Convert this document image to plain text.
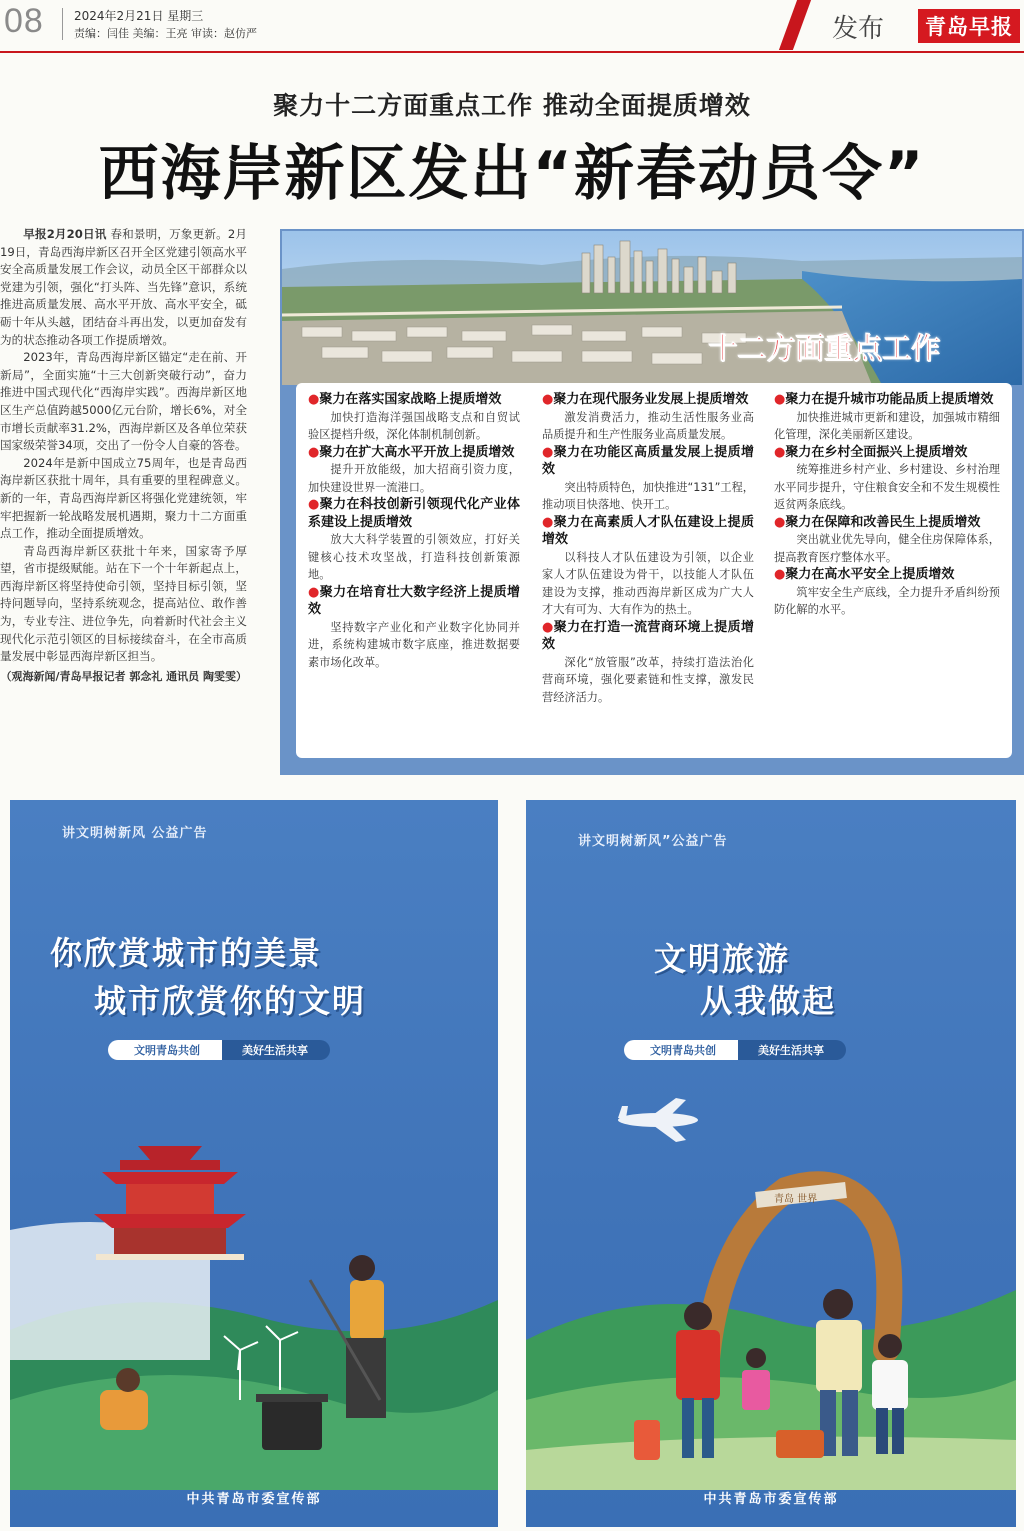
08	2024年2月21日 星期三
责编：闫佳 美编：王亮 审读：赵仿严	发布	青岛早报
聚力十二方面重点工作 推动全面提质增效
西海岸新区发出“新春动员令”

早报2月20日讯 春和景明，万象更新。2月19日，青岛西海岸新区召开全区党建引领高水平安全高质量发展工作会议，动员全区干部群众以党建为引领，强化“打头阵、当先锋”意识，系统推进高质量发展、高水平开放、高水平安全，砥砺十年从头越，团结奋斗再出发，以更加奋发有为的状态推动各项工作提质增效。

2023年，青岛西海岸新区锚定“走在前、开新局”，全面实施“十三大创新突破行动”，奋力推进中国式现代化“西海岸实践”。西海岸新区地区生产总值跨越5000亿元台阶，增长6%，对全市增长贡献率31.2%，西海岸新区及各单位荣获国家级荣誉34项，交出了一份令人自豪的答卷。

2024年是新中国成立75周年，也是青岛西海岸新区获批十周年，具有重要的里程碑意义。新的一年，青岛西海岸新区将强化党建统领，牢牢把握新一轮战略发展机遇期，聚力十二方面重点工作，推动全面提质增效。

青岛西海岸新区获批十年来，国家寄予厚望，省市提级赋能。站在下一个十年新起点上，西海岸新区将坚持使命引领，坚持目标引领，坚持问题导向，坚持系统观念，提高站位、敢作善为，专业专注、进位争先，向着新时代社会主义现代化示范引领区的目标接续奋斗，在全市高质量发展中彰显西海岸新区担当。

（观海新闻/青岛早报记者 郭念礼 通讯员 陶雯雯）
十二方面重点工作
●聚力在落实国家战略上提质增效

加快打造海洋强国战略支点和自贸试验区提档升级，深化体制机制创新。

●聚力在扩大高水平开放上提质增效

提升开放能级，加大招商引资力度，加快建设世界一流港口。

●聚力在科技创新引领现代化产业体系建设上提质增效

放大大科学装置的引领效应，打好关键核心技术攻坚战，打造科技创新策源地。

●聚力在培育壮大数字经济上提质增效

坚持数字产业化和产业数字化协同并进，系统构建城市数字底座，推进数据要素市场化改革。

●聚力在现代服务业发展上提质增效

激发消费活力，推动生活性服务业高品质提升和生产性服务业高质量发展。

●聚力在功能区高质量发展上提质增效

突出特质特色，加快推进“131”工程，推动项目快落地、快开工。

●聚力在高素质人才队伍建设上提质增效

以科技人才队伍建设为引领，以企业家人才队伍建设为骨干，以技能人才队伍建设为支撑，推动西海岸新区成为广大人才大有可为、大有作为的热土。

●聚力在打造一流营商环境上提质增效

深化“放管服”改革，持续打造法治化营商环境，强化要素链和性支撑，激发民营经济活力。

●聚力在提升城市功能品质上提质增效

加快推进城市更新和建设，加强城市精细化管理，深化美丽新区建设。

●聚力在乡村全面振兴上提质增效

统筹推进乡村产业、乡村建设、乡村治理水平同步提升，守住粮食安全和不发生规模性返贫两条底线。

●聚力在保障和改善民生上提质增效

突出就业优先导向，健全住房保障体系，提高教育医疗整体水平。

●聚力在高水平安全上提质增效

筑牢安全生产底线，全力提升矛盾纠纷预防化解的水平。

讲文明树新风 公益广告
你欣赏城市的美景
城市欣赏你的文明
文明青岛共创	美好生活共享
中共青岛市委宣传部
讲文明树新风”公益广告
文明旅游
从我做起
文明青岛共创	美好生活共享
青岛 世界
中共青岛市委宣传部
